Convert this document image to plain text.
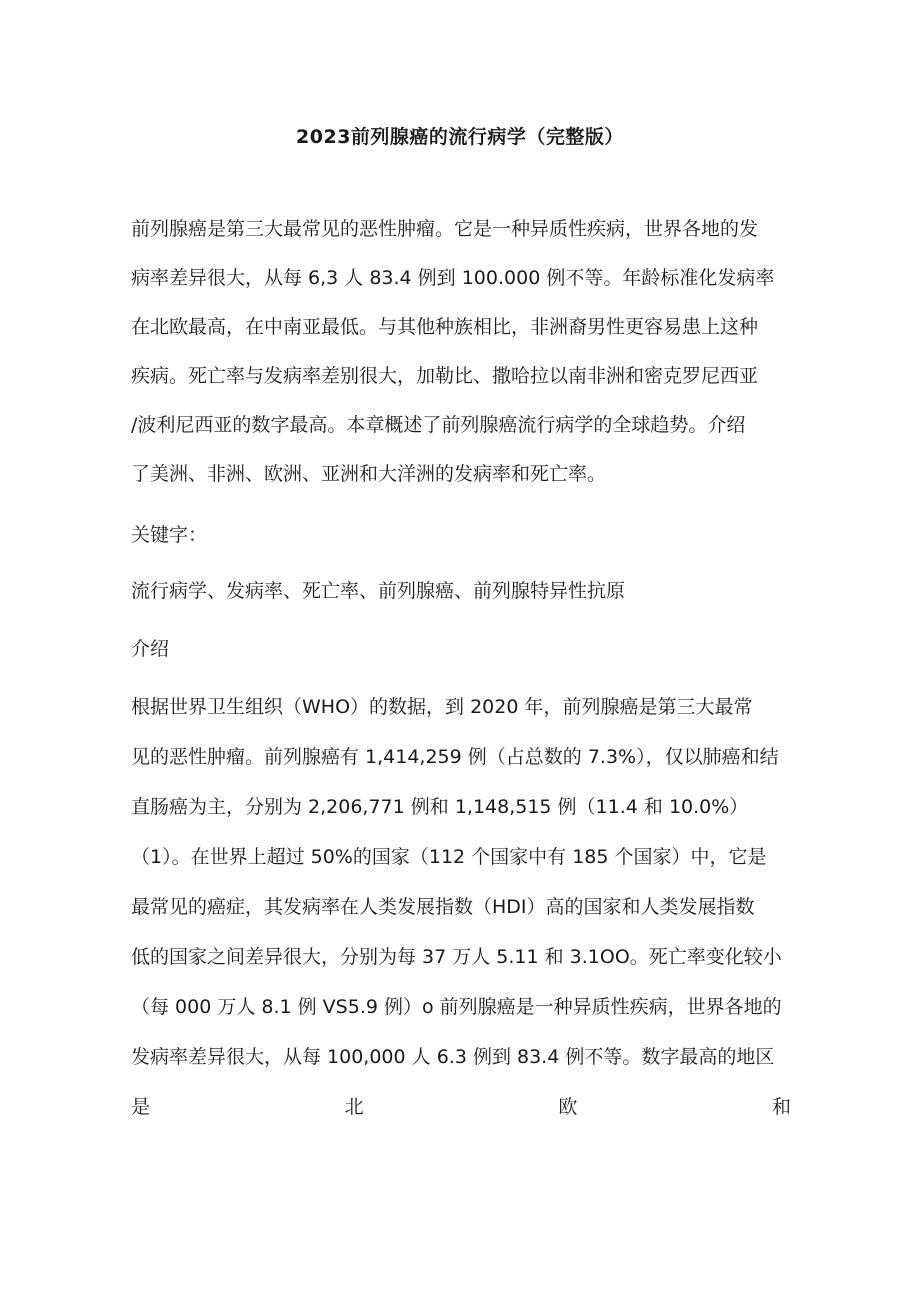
2023前列腺癌的流行病学（完整版）
前列腺癌是第三大最常见的恶性肿瘤。它是一种异质性疾病，世界各地的发
病率差异很大，从每 6,3 人 83.4 例到 100.000 例不等。年龄标准化发病率
在北欧最高，在中南亚最低。与其他种族相比，非洲裔男性更容易患上这种
疾病。死亡率与发病率差别很大，加勒比、撒哈拉以南非洲和密克罗尼西亚
/波利尼西亚的数字最高。本章概述了前列腺癌流行病学的全球趋势。介绍
了美洲、非洲、欧洲、亚洲和大洋洲的发病率和死亡率。
关键字：
流行病学、发病率、死亡率、前列腺癌、前列腺特异性抗原
介绍
根据世界卫生组织（WHO）的数据，到 2020 年，前列腺癌是第三大最常
见的恶性肿瘤。前列腺癌有 1,414,259 例（占总数的 7.3%），仅以肺癌和结
直肠癌为主，分别为 2,206,771 例和 1,148,515 例（11.4 和 10.0%）
（1）。在世界上超过 50%的国家（112 个国家中有 185 个国家）中，它是
最常见的癌症，其发病率在人类发展指数（HDI）高的国家和人类发展指数
低的国家之间差异很大，分别为每 37 万人 5.11 和 3.1OO。死亡率变化较小
（每 000 万人 8.1 例 VS5.9 例）o 前列腺癌是一种异质性疾病，世界各地的
发病率差异很大，从每 100,000 人 6.3 例到 83.4 例不等。数字最高的地区
是	北	欧	和
